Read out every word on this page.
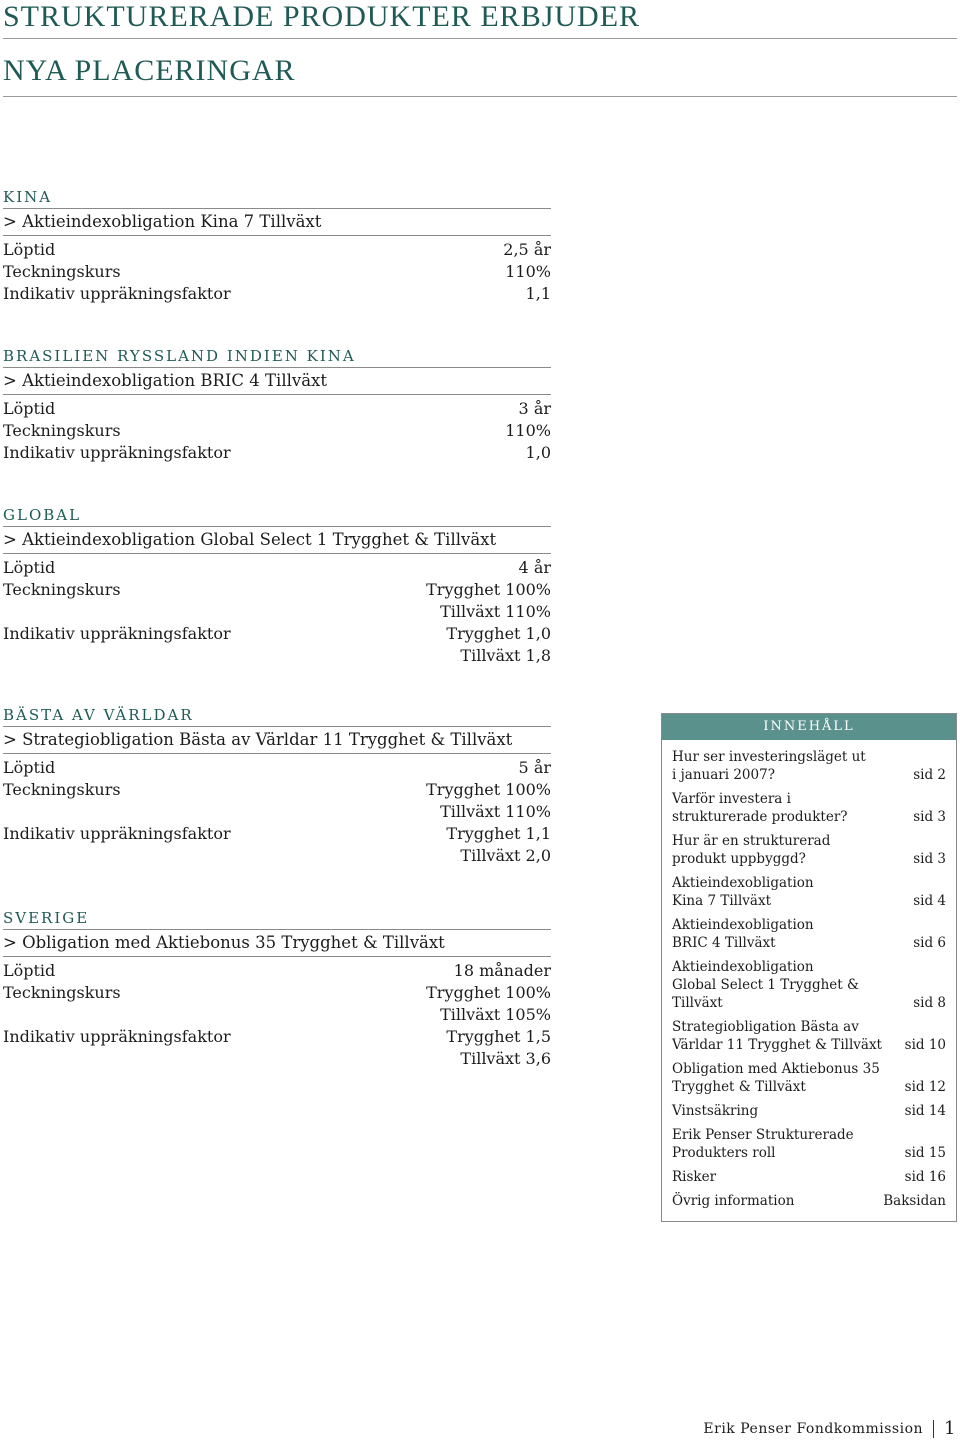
STRUKTURERADE PRODUKTER ERBJUDER
NYA PLACERINGAR
KINA
> Aktieindexobligation Kina 7 Tillväxt
Löptid	2,5 år
Teckningskurs	110%
Indikativ uppräkningsfaktor	1,1
BRASILIEN RYSSLAND INDIEN KINA
> Aktieindexobligation BRIC 4 Tillväxt
Löptid	3 år
Teckningskurs	110%
Indikativ uppräkningsfaktor	1,0
GLOBAL
> Aktieindexobligation Global Select 1 Trygghet & Tillväxt
Löptid	4 år
Teckningskurs	Trygghet 100%
Tillväxt 110%
Indikativ uppräkningsfaktor	Trygghet 1,0
Tillväxt 1,8
BÄSTA AV VÄRLDAR
> Strategiobligation Bästa av Världar 11 Trygghet & Tillväxt
Löptid	5 år
Teckningskurs	Trygghet 100%
Tillväxt 110%
Indikativ uppräkningsfaktor	Trygghet 1,1
Tillväxt 2,0
SVERIGE
> Obligation med Aktiebonus 35 Trygghet & Tillväxt
Löptid	18 månader
Teckningskurs	Trygghet 100%
Tillväxt 105%
Indikativ uppräkningsfaktor	Trygghet 1,5
Tillväxt 3,6
INNEHÅLL
Hur ser investeringsläget ut
i januari 2007?	sid 2
Varför investera i
strukturerade produkter?	sid 3
Hur är en strukturerad
produkt uppbyggd?	sid 3
Aktieindexobligation
Kina 7 Tillväxt	sid 4
Aktieindexobligation
BRIC 4 Tillväxt	sid 6
Aktieindexobligation
Global Select 1 Trygghet & Tillväxt	sid 8
Strategiobligation Bästa av
Världar 11 Trygghet & Tillväxt	sid 10
Obligation med Aktiebonus 35
Trygghet & Tillväxt	sid 12
Vinstsäkring	sid 14
Erik Penser Strukturerade
Produkters roll	sid 15
Risker	sid 16
Övrig information	Baksidan
Erik Penser Fondkommission 1
